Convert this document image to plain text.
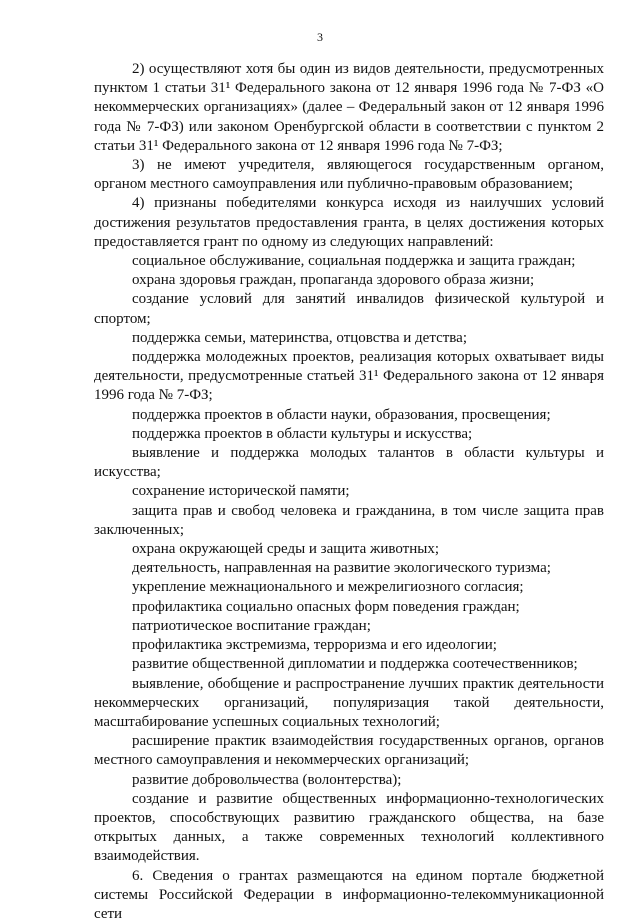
3

2) осуществляют хотя бы один из видов деятельности, предусмотренных пунктом 1 статьи 31¹ Федерального закона от 12 января 1996 года № 7-ФЗ «О некоммерческих организациях» (далее – Федеральный закон от 12 января 1996 года № 7-ФЗ) или законом Оренбургской области в соответствии с пунктом 2 статьи 31¹ Федерального закона от 12 января 1996 года № 7-ФЗ;

3) не имеют учредителя, являющегося государственным органом, органом местного самоуправления или публично-правовым образованием;

4) признаны победителями конкурса исходя из наилучших условий достижения результатов предоставления гранта, в целях достижения которых предоставляется грант по одному из следующих направлений:

социальное обслуживание, социальная поддержка и защита граждан;

охрана здоровья граждан, пропаганда здорового образа жизни;

создание условий для занятий инвалидов физической культурой и спортом;

поддержка семьи, материнства, отцовства и детства;

поддержка молодежных проектов, реализация которых охватывает виды деятельности, предусмотренные статьей 31¹ Федерального закона от 12 января 1996 года № 7-ФЗ;

поддержка проектов в области науки, образования, просвещения;

поддержка проектов в области культуры и искусства;

выявление и поддержка молодых талантов в области культуры и искусства;

сохранение исторической памяти;

защита прав и свобод человека и гражданина, в том числе защита прав заключенных;

охрана окружающей среды и защита животных;

деятельность, направленная на развитие экологического туризма;

укрепление межнационального и межрелигиозного согласия;

профилактика социально опасных форм поведения граждан;

патриотическое воспитание граждан;

профилактика экстремизма, терроризма и его идеологии;

развитие общественной дипломатии и поддержка соотечественников;

выявление, обобщение и распространение лучших практик деятельности некоммерческих организаций, популяризация такой деятельности, масштабирование успешных социальных технологий;

расширение практик взаимодействия государственных органов, органов местного самоуправления и некоммерческих организаций;

развитие добровольчества (волонтерства);

создание и развитие общественных информационно-технологических проектов, способствующих развитию гражданского общества, на базе открытых данных, а также современных технологий коллективного взаимодействия.

6. Сведения о грантах размещаются на едином портале бюджетной системы Российской Федерации в информационно-телекоммуникационной сети
